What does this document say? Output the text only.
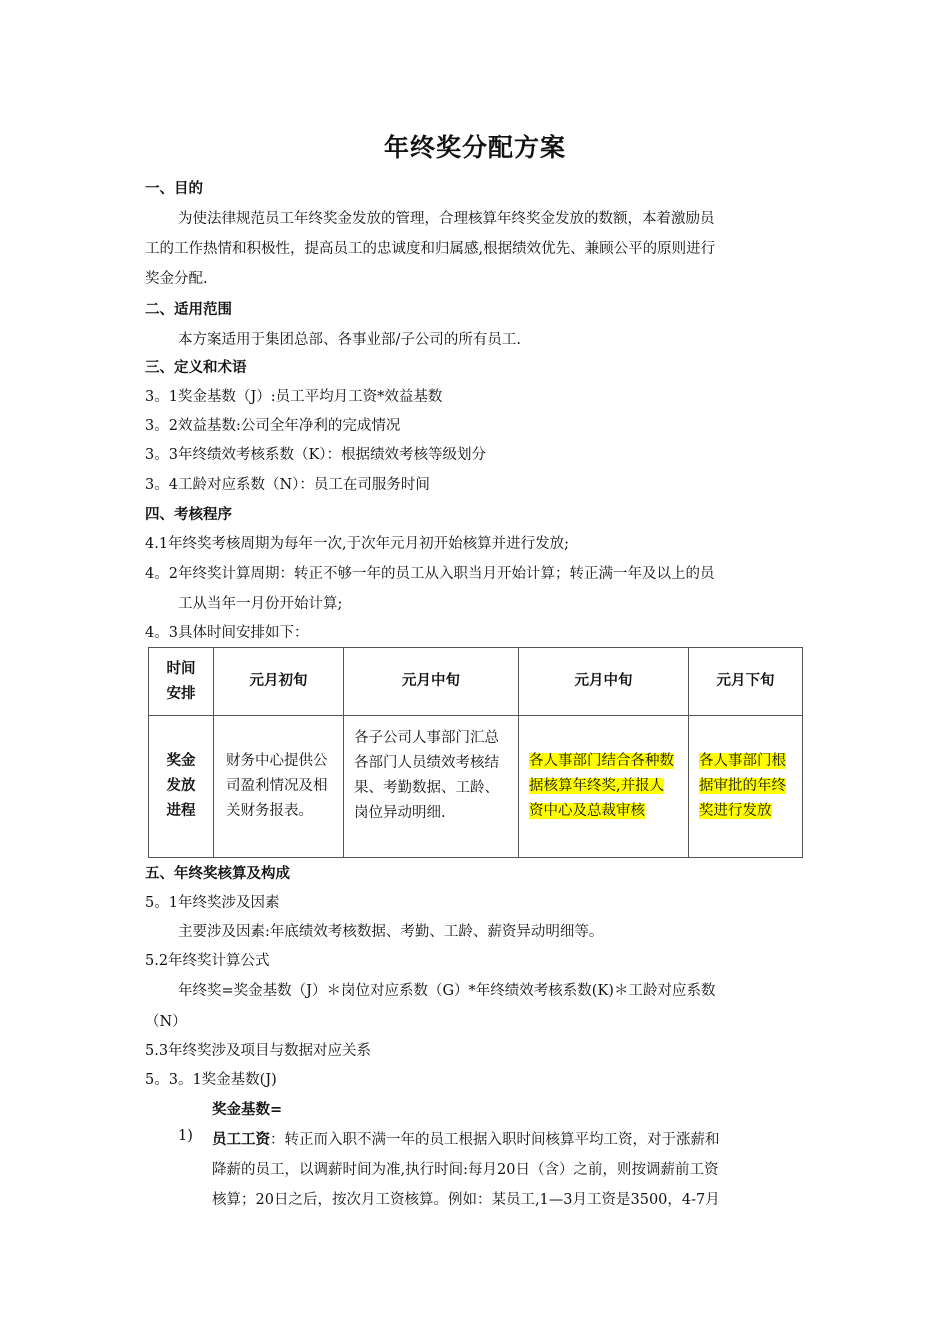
年终奖分配方案
一、目的
为使法律规范员工年终奖金发放的管理，合理核算年终奖金发放的数额，本着激励员
工的工作热情和积极性，提高员工的忠诚度和归属感,根据绩效优先、兼顾公平的原则进行
奖金分配.
二、适用范围
本方案适用于集团总部、各事业部/子公司的所有员工.
三、定义和术语
3。1奖金基数（J）:员工平均月工资*效益基数
3。2效益基数:公司全年净利的完成情况
3。3年终绩效考核系数（K）：根据绩效考核等级划分
3。4工龄对应系数（N）：员工在司服务时间
四、考核程序
4.1年终奖考核周期为每年一次,于次年元月初开始核算并进行发放;
4。2年终奖计算周期：转正不够一年的员工从入职当月开始计算；转正满一年及以上的员
工从当年一月份开始计算;
4。3具体时间安排如下：
时间安排	元月初旬	元月中旬	元月中旬	元月下旬
奖金发放进程	财务中心提供公司盈利情况及相关财务报表。	各子公司人事部门汇总各部门人员绩效考核结果、考勤数据、工龄、岗位异动明细.	各人事部门结合各种数据核算年终奖,并报人资中心及总裁审核	各人事部门根据审批的年终奖进行发放
五、年终奖核算及构成
5。1年终奖涉及因素
主要涉及因素:年底绩效考核数据、考勤、工龄、薪资异动明细等。
5.2年终奖计算公式
年终奖=奖金基数（J）＊岗位对应系数（G）*年终绩效考核系数(K)＊工龄对应系数
（N）
5.3年终奖涉及项目与数据对应关系
5。3。1奖金基数(J)
奖金基数=
1) 员工工资：转正而入职不满一年的员工根据入职时间核算平均工资，对于涨薪和
降薪的员工，以调薪时间为准,执行时间:每月20日（含）之前，则按调薪前工资
核算；20日之后，按次月工资核算。例如：某员工,1—3月工资是3500，4-7月
